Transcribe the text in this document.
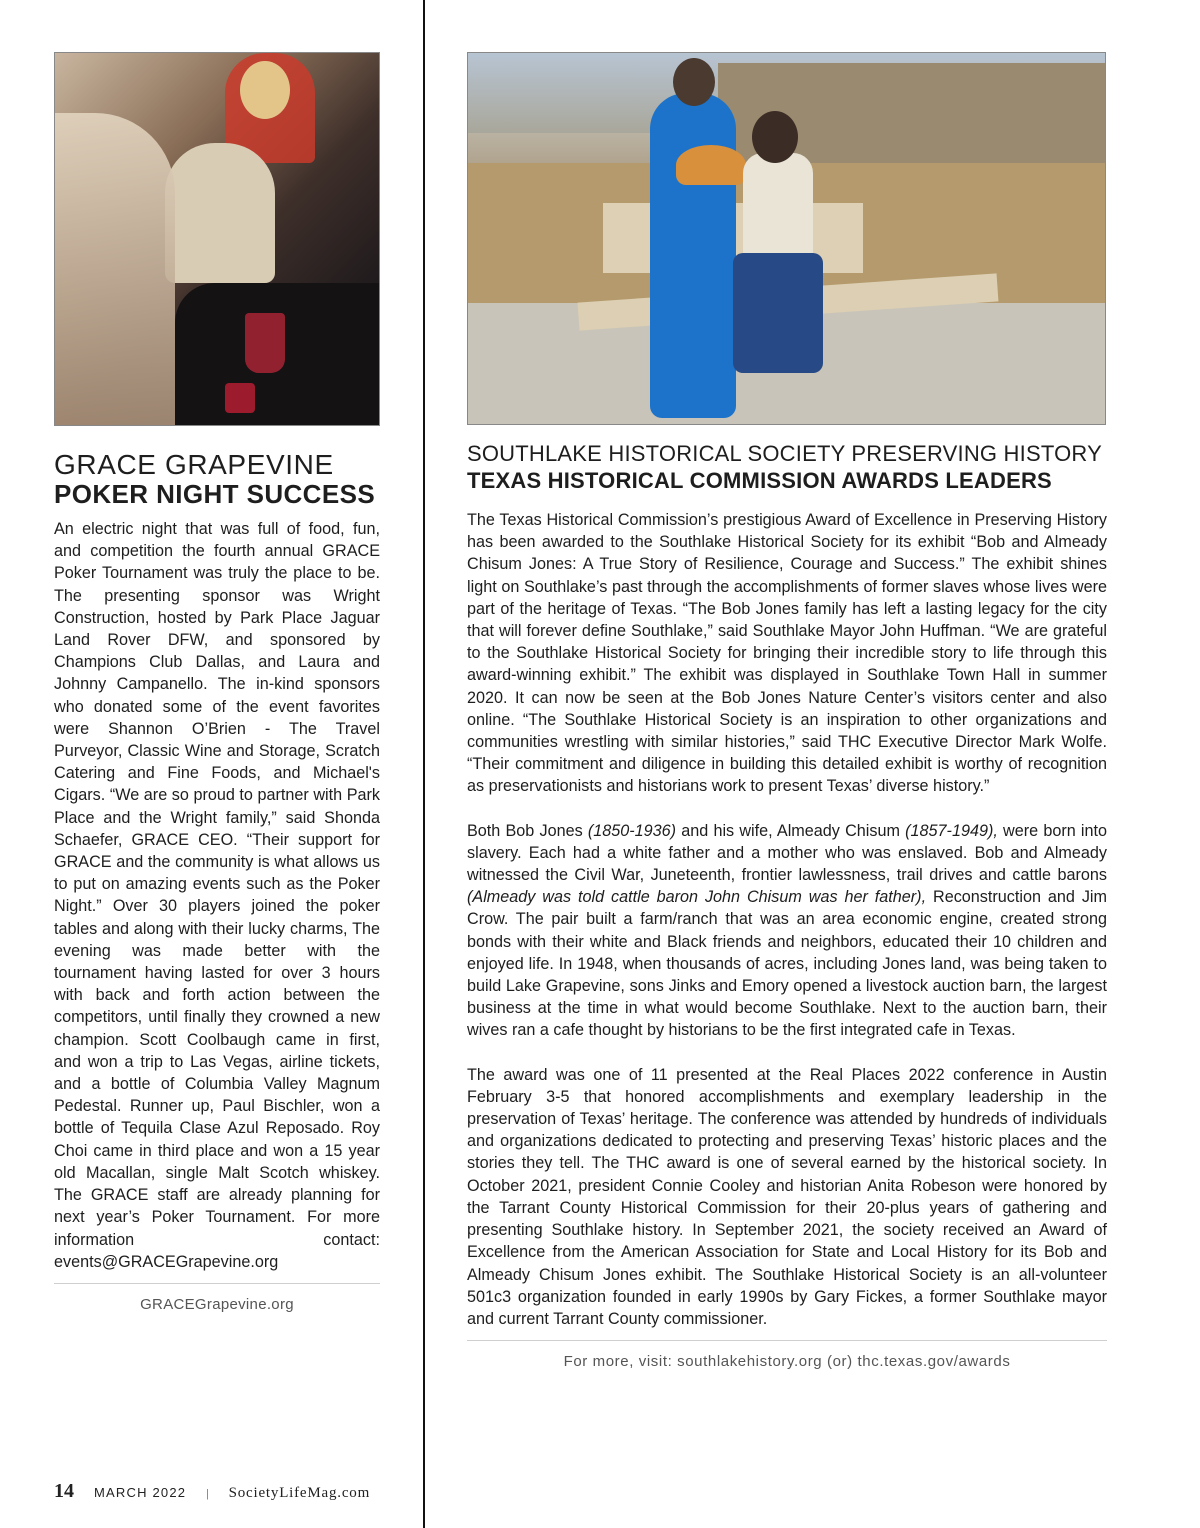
GRACE GRAPEVINE
POKER NIGHT SUCCESS

An electric night that was full of food, fun, and competition the fourth annual GRACE Poker Tournament was truly the place to be. The presenting sponsor was Wright Construction, hosted by Park Place Jaguar Land Rover DFW, and sponsored by Champions Club Dallas, and Laura and Johnny Campanello. The in-kind sponsors who donated some of the event favorites were Shannon O’Brien - The Travel Purveyor, Classic Wine and Storage, Scratch Catering and Fine Foods, and Michael's Cigars. “We are so proud to partner with Park Place and the Wright family,” said Shonda Schaefer, GRACE CEO. “Their support for GRACE and the community is what allows us to put on amazing events such as the Poker Night.” Over 30 players joined the poker tables and along with their lucky charms, The evening was made better with the tournament having lasted for over 3 hours with back and forth action between the competitors, until finally they crowned a new champion. Scott Coolbaugh came in first, and won a trip to Las Vegas, airline tickets, and a bottle of Columbia Valley Magnum Pedestal. Runner up, Paul Bischler, won a bottle of Tequila Clase Azul Reposado. Roy Choi came in third place and won a 15 year old Macallan, single Malt Scotch whiskey. The GRACE staff are already planning for next year’s Poker Tournament. For more information contact: events@GRACEGrapevine.org

GRACEGrapevine.org
SOUTHLAKE HISTORICAL SOCIETY PRESERVING HISTORY
TEXAS HISTORICAL COMMISSION AWARDS LEADERS

The Texas Historical Commission’s prestigious Award of Excellence in Preserving History has been awarded to the Southlake Historical Society for its exhibit “Bob and Almeady Chisum Jones: A True Story of Resilience, Courage and Success.” The exhibit shines light on Southlake’s past through the accomplishments of former slaves whose lives were part of the heritage of Texas. “The Bob Jones family has left a lasting legacy for the city that will forever define Southlake,” said Southlake Mayor John Huffman. “We are grateful to the Southlake Historical Society for bringing their incredible story to life through this award-winning exhibit.” The exhibit was displayed in Southlake Town Hall in summer 2020. It can now be seen at the Bob Jones Nature Center’s visitors center and also online. “The Southlake Historical Society is an inspiration to other organizations and communities wrestling with similar histories,” said THC Executive Director Mark Wolfe. “Their commitment and diligence in building this detailed exhibit is worthy of recognition as preservationists and historians work to present Texas’ diverse history.”

Both Bob Jones (1850-1936) and his wife, Almeady Chisum (1857-1949), were born into slavery. Each had a white father and a mother who was enslaved. Bob and Almeady witnessed the Civil War, Juneteenth, frontier lawlessness, trail drives and cattle barons (Almeady was told cattle baron John Chisum was her father), Reconstruction and Jim Crow. The pair built a farm/ranch that was an area economic engine, created strong bonds with their white and Black friends and neighbors, educated their 10 children and enjoyed life. In 1948, when thousands of acres, including Jones land, was being taken to build Lake Grapevine, sons Jinks and Emory opened a livestock auction barn, the largest business at the time in what would become Southlake. Next to the auction barn, their wives ran a cafe thought by historians to be the first integrated cafe in Texas.

The award was one of 11 presented at the Real Places 2022 conference in Austin February 3-5 that honored accomplishments and exemplary leadership in the preservation of Texas’ heritage. The conference was attended by hundreds of individuals and organizations dedicated to protecting and preserving Texas’ historic places and the stories they tell. The THC award is one of several earned by the historical society. In October 2021, president Connie Cooley and historian Anita Robeson were honored by the Tarrant County Historical Commission for their 20-plus years of gathering and presenting Southlake history. In September 2021, the society received an Award of Excellence from the American Association for State and Local History for its Bob and Almeady Chisum Jones exhibit. The Southlake Historical Society is an all-volunteer 501c3 organization founded in early 1990s by Gary Fickes, a former Southlake mayor and current Tarrant County commissioner.

For more, visit: southlakehistory.org (or) thc.texas.gov/awards
14 MARCH 2022 | SocietyLifeMag.com
